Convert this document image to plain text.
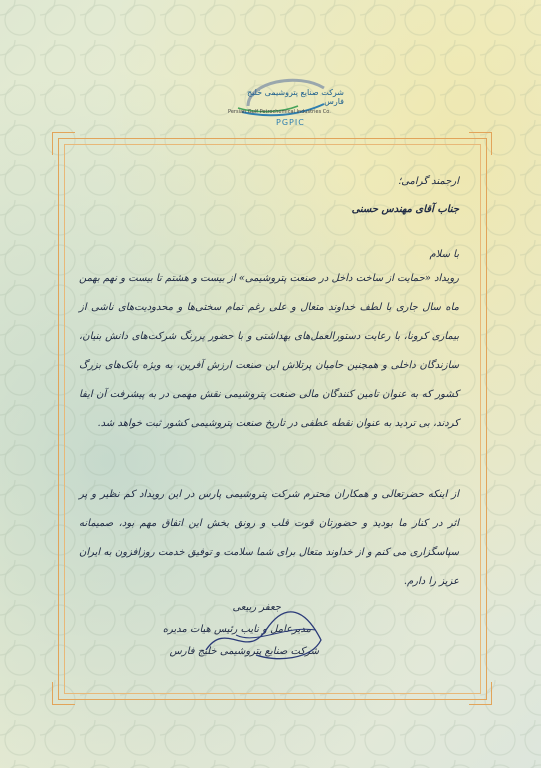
شرکت صنایع پتروشیمی خلیج فارس
Persian Gulf Petrochemical Industries Co.
PGPIC
ارجمند گرامی؛
جناب آقای مهندس حسنی
با سلام
رویداد «حمایت از ساخت داخل در صنعت پتروشیمی» از بیست و هشتم تا بیست و نهم بهمن ماه سال جاری با لطف خداوند متعال و علی رغم تمام سختی‌ها و محدودیت‌های ناشی از بیماری کرونا، با رعایت دستورالعمل‌های بهداشتی و با حضور پررنگ شرکت‌های دانش بنیان، سازندگان داخلی و همچنین حامیان پرتلاش این صنعت ارزش آفرین، به ویژه بانک‌های بزرگ کشور که به عنوان تامین کنندگان مالی صنعت پتروشیمی نقش مهمی در به پیشرفت آن ایفا کردند، بی تردید به عنوان نقطه عطفی در تاریخ صنعت پتروشیمی کشور ثبت خواهد شد.
از اینکه حضرتعالی و همکاران محترم شرکت پتروشیمی پارس در این رویداد کم نظیر و پر اثر در کنار ما بودید و حضورتان قوت قلب و رونق بخش این اتفاق مهم بود، صمیمانه سپاسگزاری می کنم و از خداوند متعال برای شما سلامت و توفیق خدمت روزافزون به ایران عزیز را دارم.
جعفر ربیعی
مدیرعامل و نایب رئیس هیات مدیره
شرکت صنایع پتروشیمی خلیج فارس
